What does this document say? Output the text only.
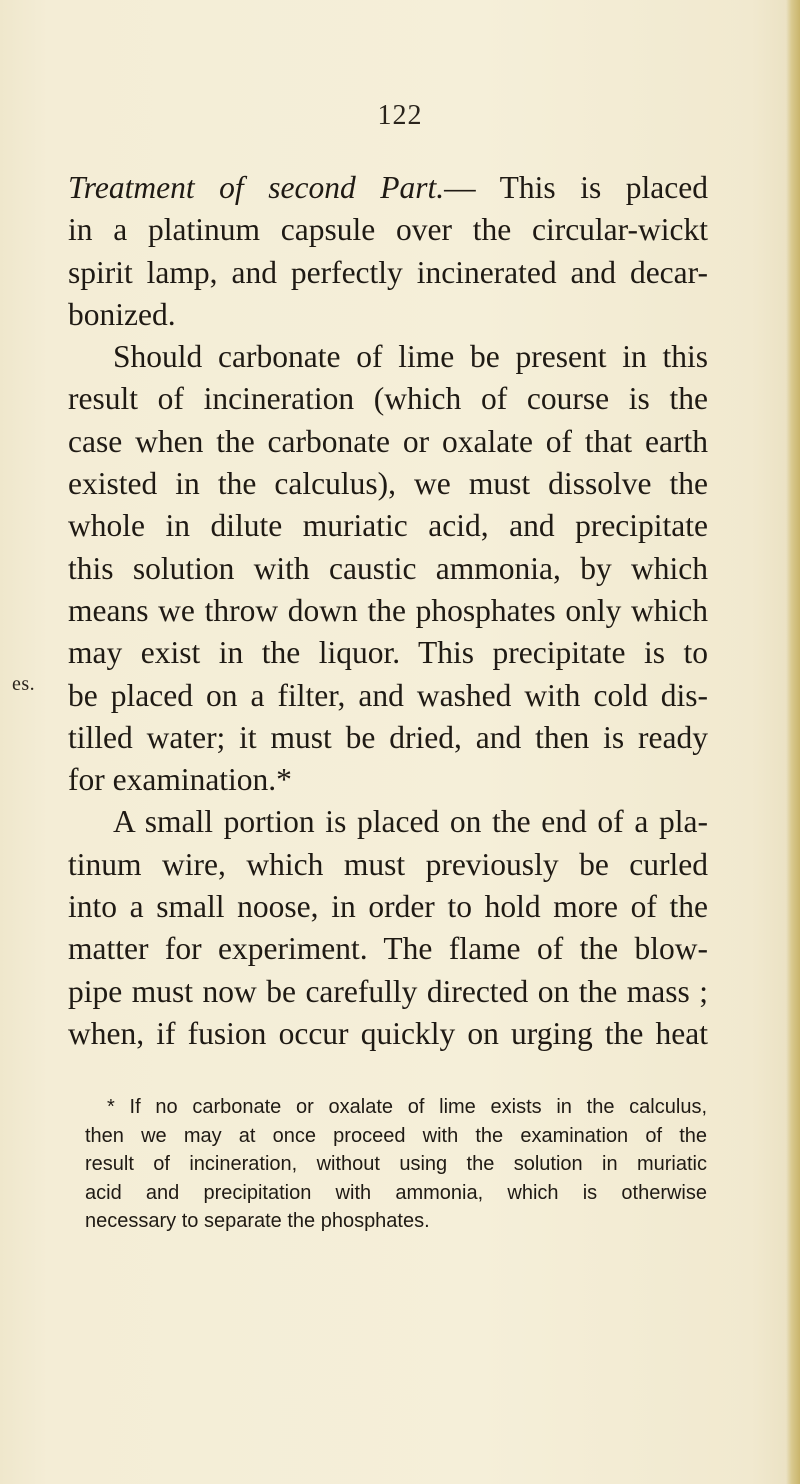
122
es.
Treatment of second Part.— This is placed
in a platinum capsule over the circular-wickt
spirit lamp, and perfectly incinerated and decar-
bonized.
Should carbonate of lime be present in this
result of incineration (which of course is the
case when the carbonate or oxalate of that earth
existed in the calculus), we must dissolve the
whole in dilute muriatic acid, and precipitate
this solution with caustic ammonia, by which
means we throw down the phosphates only which
may exist in the liquor. This precipitate is to
be placed on a filter, and washed with cold dis-
tilled water; it must be dried, and then is ready
for examination.*
A small portion is placed on the end of a pla-
tinum wire, which must previously be curled
into a small noose, in order to hold more of the
matter for experiment. The flame of the blow-
pipe must now be carefully directed on the mass ;
when, if fusion occur quickly on urging the heat
* If no carbonate or oxalate of lime exists in the calculus,
then we may at once proceed with the examination of the
result of incineration, without using the solution in muriatic
acid and precipitation with ammonia, which is otherwise
necessary to separate the phosphates.
